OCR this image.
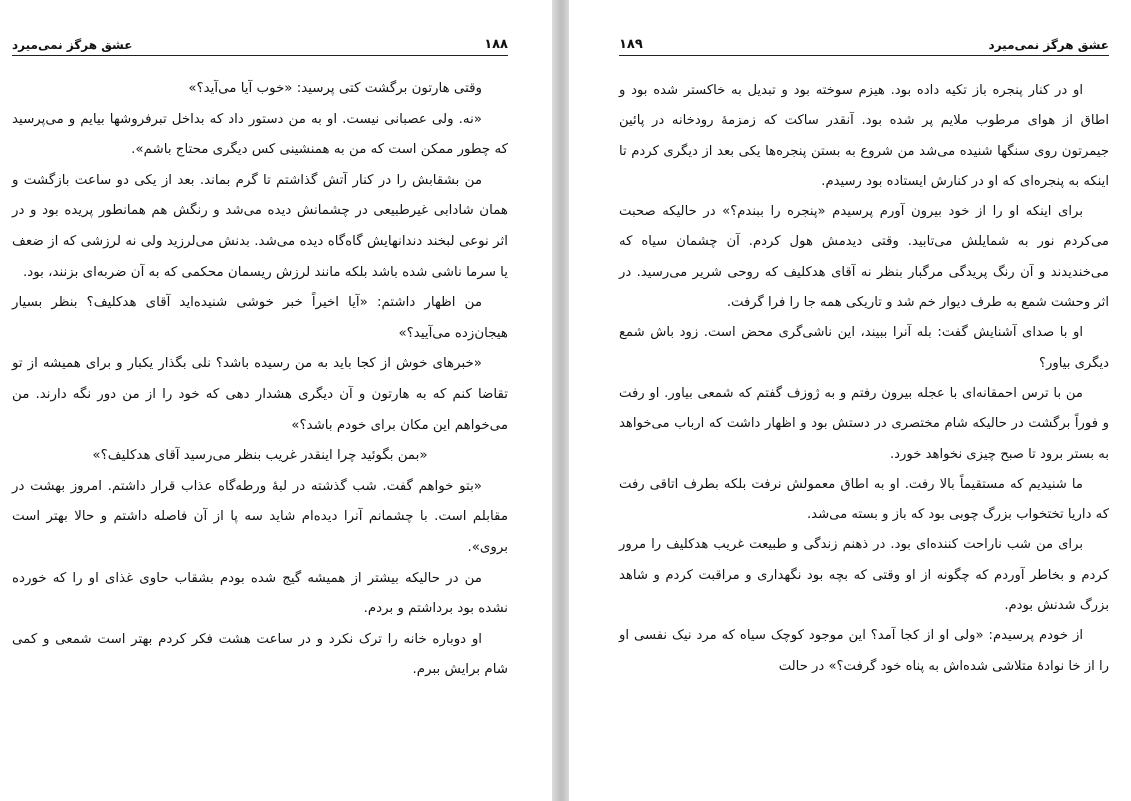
عشق هرگز نمی‌میرد	۱۸۸

وقتی هارتون برگشت کتی پرسید: «خوب آیا می‌آید؟»

«نه. ولی عصبانی نیست. او به من دستور داد که بداخل تبرفروشها بیایم و می‌پرسید که چطور ممکن است که من به همنشینی کس دیگری محتاج باشم».

من بشقابش را در کنار آتش گذاشتم تا گرم بماند. بعد از یکی دو ساعت بازگشت و همان شادابی غیرطبیعی در چشمانش دیده می‌شد و رنگش هم همانطور پریده بود و در اثر نوعی لبخند دندانهایش گاه‌گاه دیده می‌شد. بدنش می‌لرزید ولی نه لرزشی که از ضعف یا سرما ناشی شده باشد بلکه مانند لرزش ریسمان محکمی که به آن ضربه‌ای بزنند، بود.

من اظهار داشتم: «آیا اخیراً خبر خوشی شنیده‌اید آقای هدکلیف؟ بنظر بسیار هیجان‌زده می‌آیید؟»

«خبرهای خوش از کجا باید به من رسیده باشد؟ نلی بگذار یکبار و برای همیشه از تو تقاضا کنم که به هارتون و آن دیگری هشدار دهی که خود را از من دور نگه دارند. من می‌خواهم این مکان برای خودم باشد؟»

«بمن بگوئید چرا اینقدر غریب بنظر می‌رسید آقای هدکلیف؟»

«بتو خواهم گفت. شب گذشته در لبهٔ ورطه‌گاه عذاب قرار داشتم. امروز بهشت در مقابلم است. با چشمانم آنرا دیده‌ام شاید سه پا از آن فاصله داشتم و حالا بهتر است بروی».

من در حالیکه بیشتر از همیشه گیج شده بودم بشقاب حاوی غذای او را که خورده نشده بود برداشتم و بردم.

او دوباره خانه را ترک نکرد و در ساعت هشت فکر کردم بهتر است شمعی و کمی شام برایش ببرم.

۱۸۹	عشق هرگز نمی‌میرد

او در کنار پنجره باز تکیه داده بود. هیزم سوخته بود و تبدیل به خاکستر شده بود و اطاق از هوای مرطوب ملایم پر شده بود. آنقدر ساکت که زمزمهٔ رودخانه در پائین جیمرتون روی سنگها شنیده می‌شد من شروع به بستن پنجره‌ها یکی بعد از دیگری کردم تا اینکه به پنجره‌ای که او در کنارش ایستاده بود رسیدم.

برای اینکه او را از خود بیرون آورم پرسیدم «پنجره را ببندم؟» در حالیکه صحبت می‌کردم نور به شمایلش می‌تابید. وقتی دیدمش هول کردم. آن چشمان سیاه که می‌خندیدند و آن رنگ پرید‌گی مرگبار بنظر نه آقای هدکلیف که روحی شریر می‌رسید. در اثر وحشت شمع به طرف دیوار خم شد و تاریکی همه جا را فرا گرفت.

او با صدای آشنایش گفت: بله آنرا ببیند، این ناشی‌گری محض است. زود باش شمع دیگری بیاور؟

من با ترس احمقانه‌ای با عجله بیرون رفتم و به ژوزف گفتم که شمعی بیاور. او رفت و فوراً برگشت در حالیکه شام مختصری در دستش بود و اظهار داشت که ارباب می‌خواهد به بستر برود تا صبح چیزی نخواهد خورد.

ما شنیدیم که مستقیماً بالا رفت. او به اطاق معمولش نرفت بلکه بطرف اتاقی رفت که داریا تختخواب بزرگ چوبی بود که باز و بسته می‌شد.

برای من شب ناراحت کننده‌ای بود. در ذهنم زندگی و طبیعت غریب هدکلیف را مرور کردم و بخاطر آوردم که چگونه از او وقتی که بچه بود نگهداری و مراقبت کردم و شاهد بزرگ شدنش بودم.

از خودم پرسیدم: «ولی او از کجا آمد؟ این موجود کوچک سیاه که مرد نیک نفسی او را از خا نوادهٔ متلاشی شده‌اش به پناه خود گرفت؟» در حالت
